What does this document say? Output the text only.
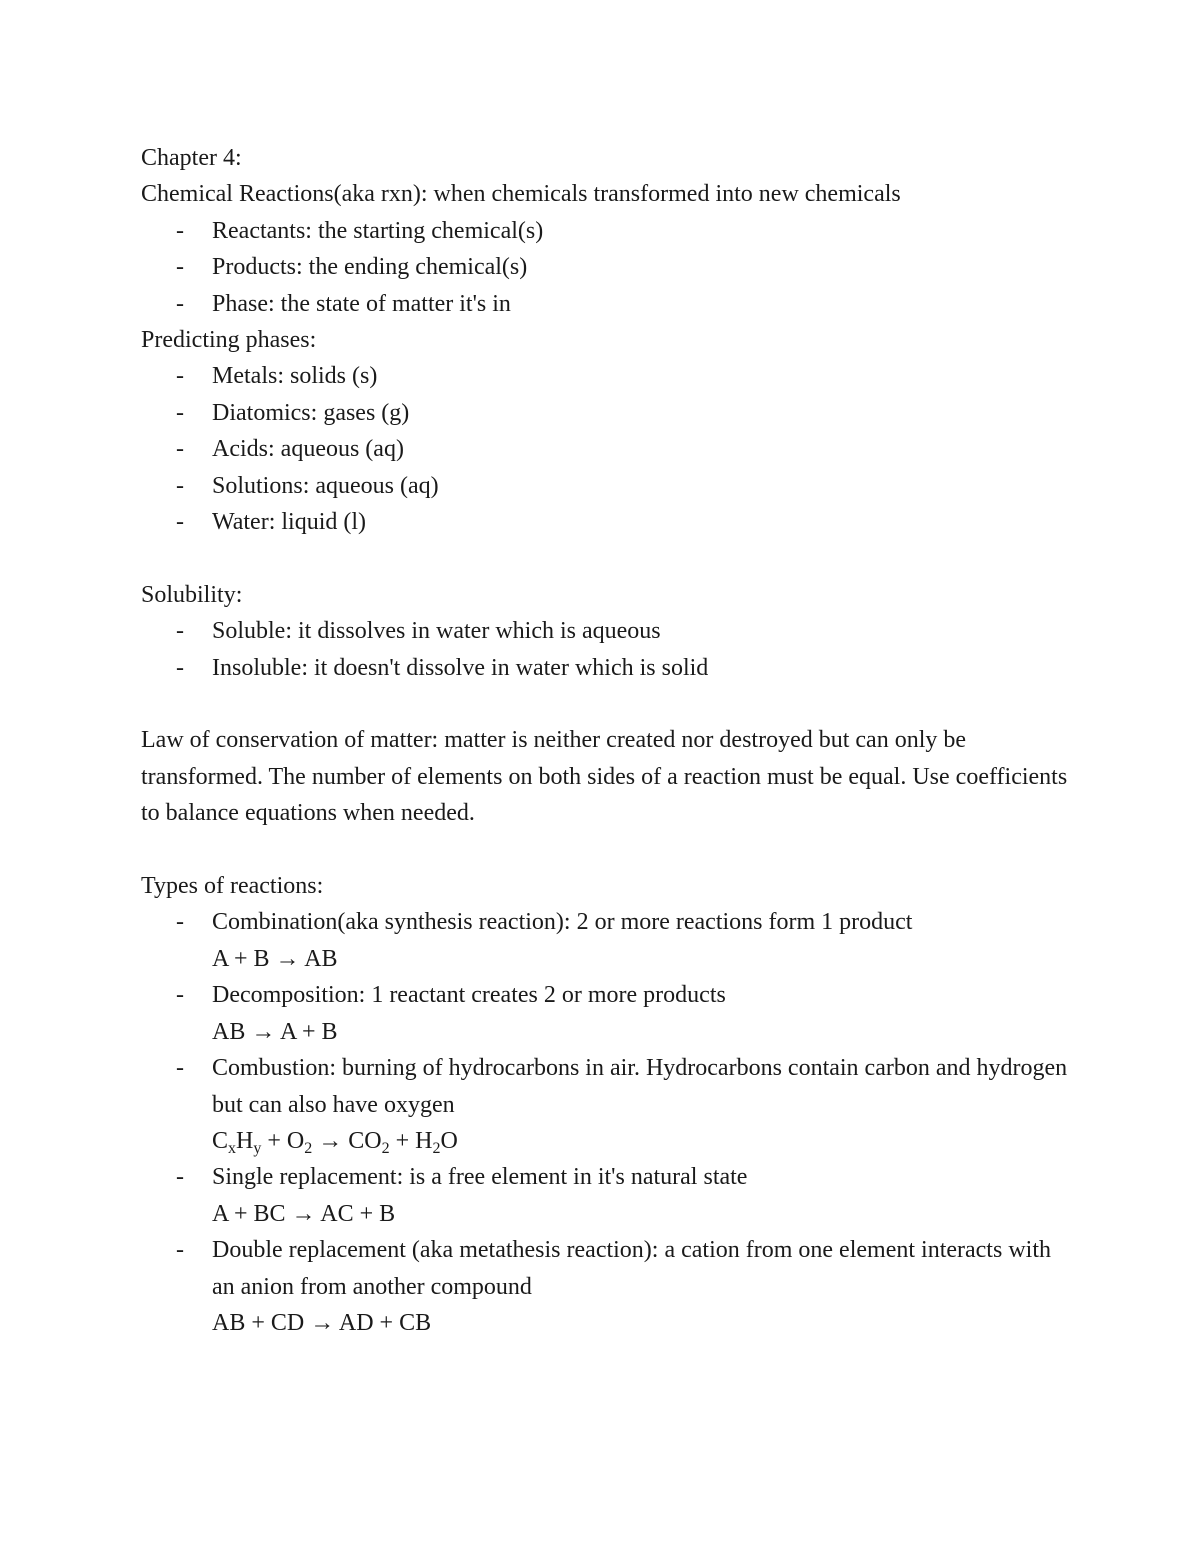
Chapter 4:

Chemical Reactions(aka rxn): when chemicals transformed into new chemicals

- Reactants: the starting chemical(s)
- Products: the ending chemical(s)
- Phase: the state of matter it's in

Predicting phases:

- Metals: solids (s)
- Diatomics: gases (g)
- Acids: aqueous (aq)
- Solutions: aqueous (aq)
- Water: liquid (l)

Solubility:

- Soluble: it dissolves in water which is aqueous
- Insoluble: it doesn't dissolve in water which is solid

Law of conservation of matter: matter is neither created nor destroyed but can only be transformed. The number of elements on both sides of a reaction must be equal. Use coefficients to balance equations when needed.

Types of reactions:

- Combination(aka synthesis reaction): 2 or more reactions form 1 product
A + B → AB
- Decomposition: 1 reactant creates 2 or more products
AB → A + B
- Combustion: burning of hydrocarbons in air. Hydrocarbons contain carbon and hydrogen but can also have oxygen
$C_xH_y + O_2 \to CO_2 + H_2O$
- Single replacement: is a free element in it's natural state
A + BC → AC + B
- Double replacement (aka metathesis reaction): a cation from one element interacts with an anion from another compound
AB + CD → AD + CB
